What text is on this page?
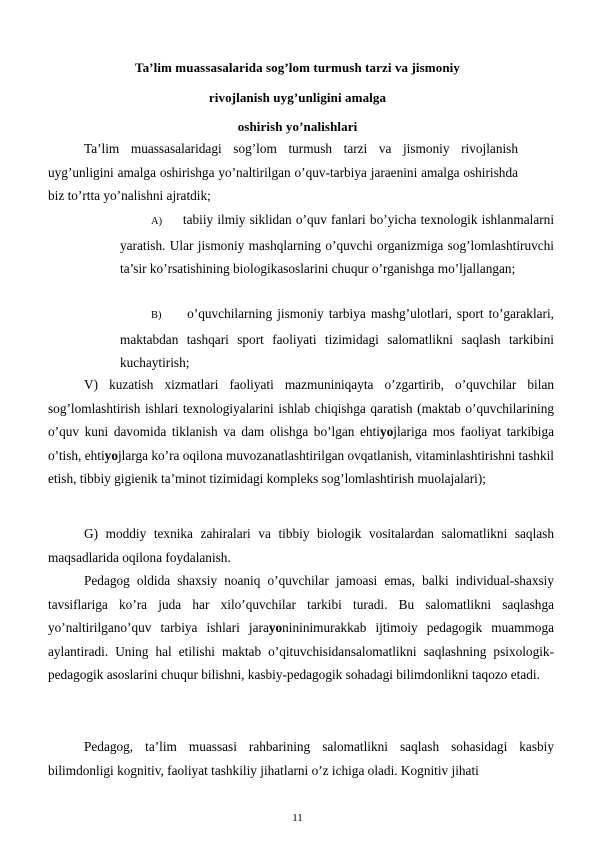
Ta’lim muassasalarida sog’lom turmush tarzi va jismoniy
rivojlanish uyg’unligini amalga
oshirish yo’nalishlari

Ta’lim muassasalaridagi sog’lom turmush tarzi va jismoniy rivojlanish uyg’unligini amalga oshirishga yo’naltirilgan o’quv-tarbiya jaraenini amalga oshirishda biz to’rtta yo’nalishni ajratdik;

A) tabiiy ilmiy siklidan o’quv fanlari bo’yicha texnologik ishlanmalarni yaratish. Ular jismoniy mashqlarning o’quvchi organizmiga sog’lomlashtiruvchi ta’sir ko’rsatishining biologikasoslarini chuqur o’rganishga mo’ljallangan;

B) o’quvchilarning jismoniy tarbiya mashg’ulotlari, sport to’garaklari, maktabdan tashqari sport faoliyati tizimidagi salomatlikni saqlash tarkibini kuchaytirish;

V) kuzatish xizmatlari faoliyati mazmuniniqayta o’zgartirib, o’quvchilar bilan sog’lomlashtirish ishlari texnologiyalarini ishlab chiqishga qaratish (maktab o’quvchilarining o’quv kuni davomida tiklanish va dam olishga bo’lgan ehtiyojlariga mos faoliyat tarkibiga o’tish, ehtiyojlarga ko’ra oqilona muvozanatlashtirilgan ovqatlanish, vitaminlashtirishni tashkil etish, tibbiy gigienik ta’minot tizimidagi kompleks sog’lomlashtirish muolajalari);

G) moddiy texnika zahiralari va tibbiy biologik vositalardan salomatlikni saqlash maqsadlarida oqilona foydalanish.

Pedagog oldida shaxsiy noaniq o’quvchilar jamoasi emas, balki individual-shaxsiy tavsiflariga ko’ra juda har xilo’quvchilar tarkibi turadi. Bu salomatlikni saqlashga yo’naltirilgano’quv tarbiya ishlari jarayonininimurakkab ijtimoiy pedagogik muammoga aylantiradi. Uning hal etilishi maktab o’qituvchisidansalomatlikni saqlashning psixologik-pedagogik asoslarini chuqur bilishni, kasbiy-pedagogik sohadagi bilimdonlikni taqozo etadi.

Pedagog, ta’lim muassasi rahbarining salomatlikni saqlash sohasidagi kasbiy bilimdonligi kognitiv, faoliyat tashkiliy jihatlarni o’z ichiga oladi. Kognitiv jihati

11
